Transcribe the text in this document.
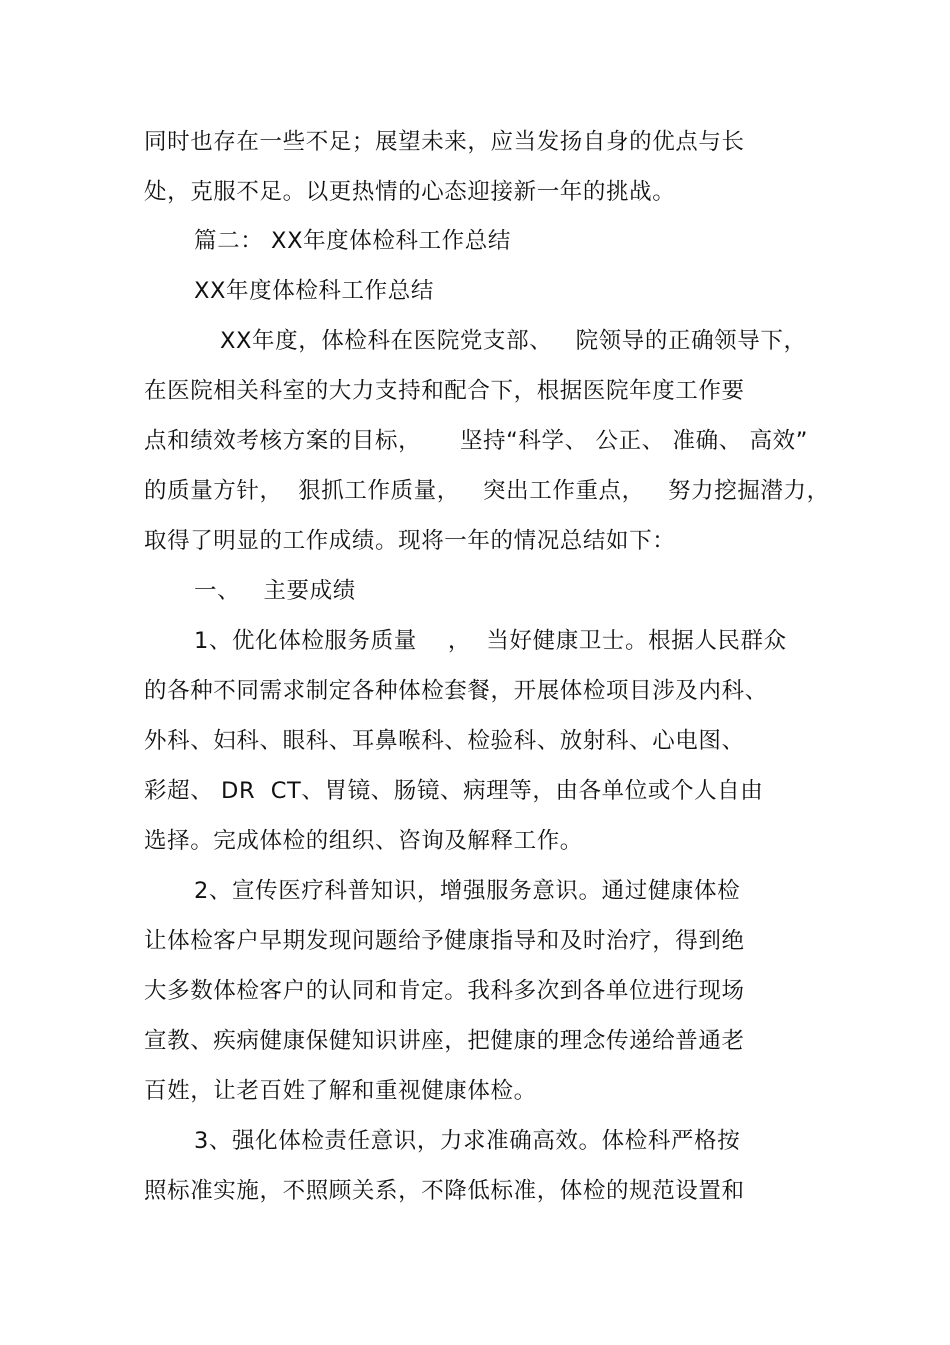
同时也存在一些不足；展望未来，应当发扬自身的优点与长
处，克服不足。以更热情的心态迎接新一年的挑战。
篇二： XX年度体检科工作总结
XX年度体检科工作总结
XX年度，体检科在医院党支部、   院领导的正确领导下，
在医院相关科室的大力支持和配合下，根据医院年度工作要
点和绩效考核方案的目标，     坚持“科学、 公正、 准确、 高效”
的质量方针，  狠抓工作质量，   突出工作重点，   努力挖掘潜力，
取得了明显的工作成绩。现将一年的情况总结如下：
一、   主要成绩
1、优化体检服务质量    ，  当好健康卫士。根据人民群众
的各种不同需求制定各种体检套餐，开展体检项目涉及内科、
外科、妇科、眼科、耳鼻喉科、检验科、放射科、心电图、
彩超、 DR  CT、胃镜、肠镜、病理等，由各单位或个人自由
选择。完成体检的组织、咨询及解释工作。
2、宣传医疗科普知识，增强服务意识。通过健康体检
让体检客户早期发现问题给予健康指导和及时治疗，得到绝
大多数体检客户的认同和肯定。我科多次到各单位进行现场
宣教、疾病健康保健知识讲座，把健康的理念传递给普通老
百姓，让老百姓了解和重视健康体检。
3、强化体检责任意识，力求准确高效。体检科严格按
照标准实施，不照顾关系，不降低标准，体检的规范设置和
